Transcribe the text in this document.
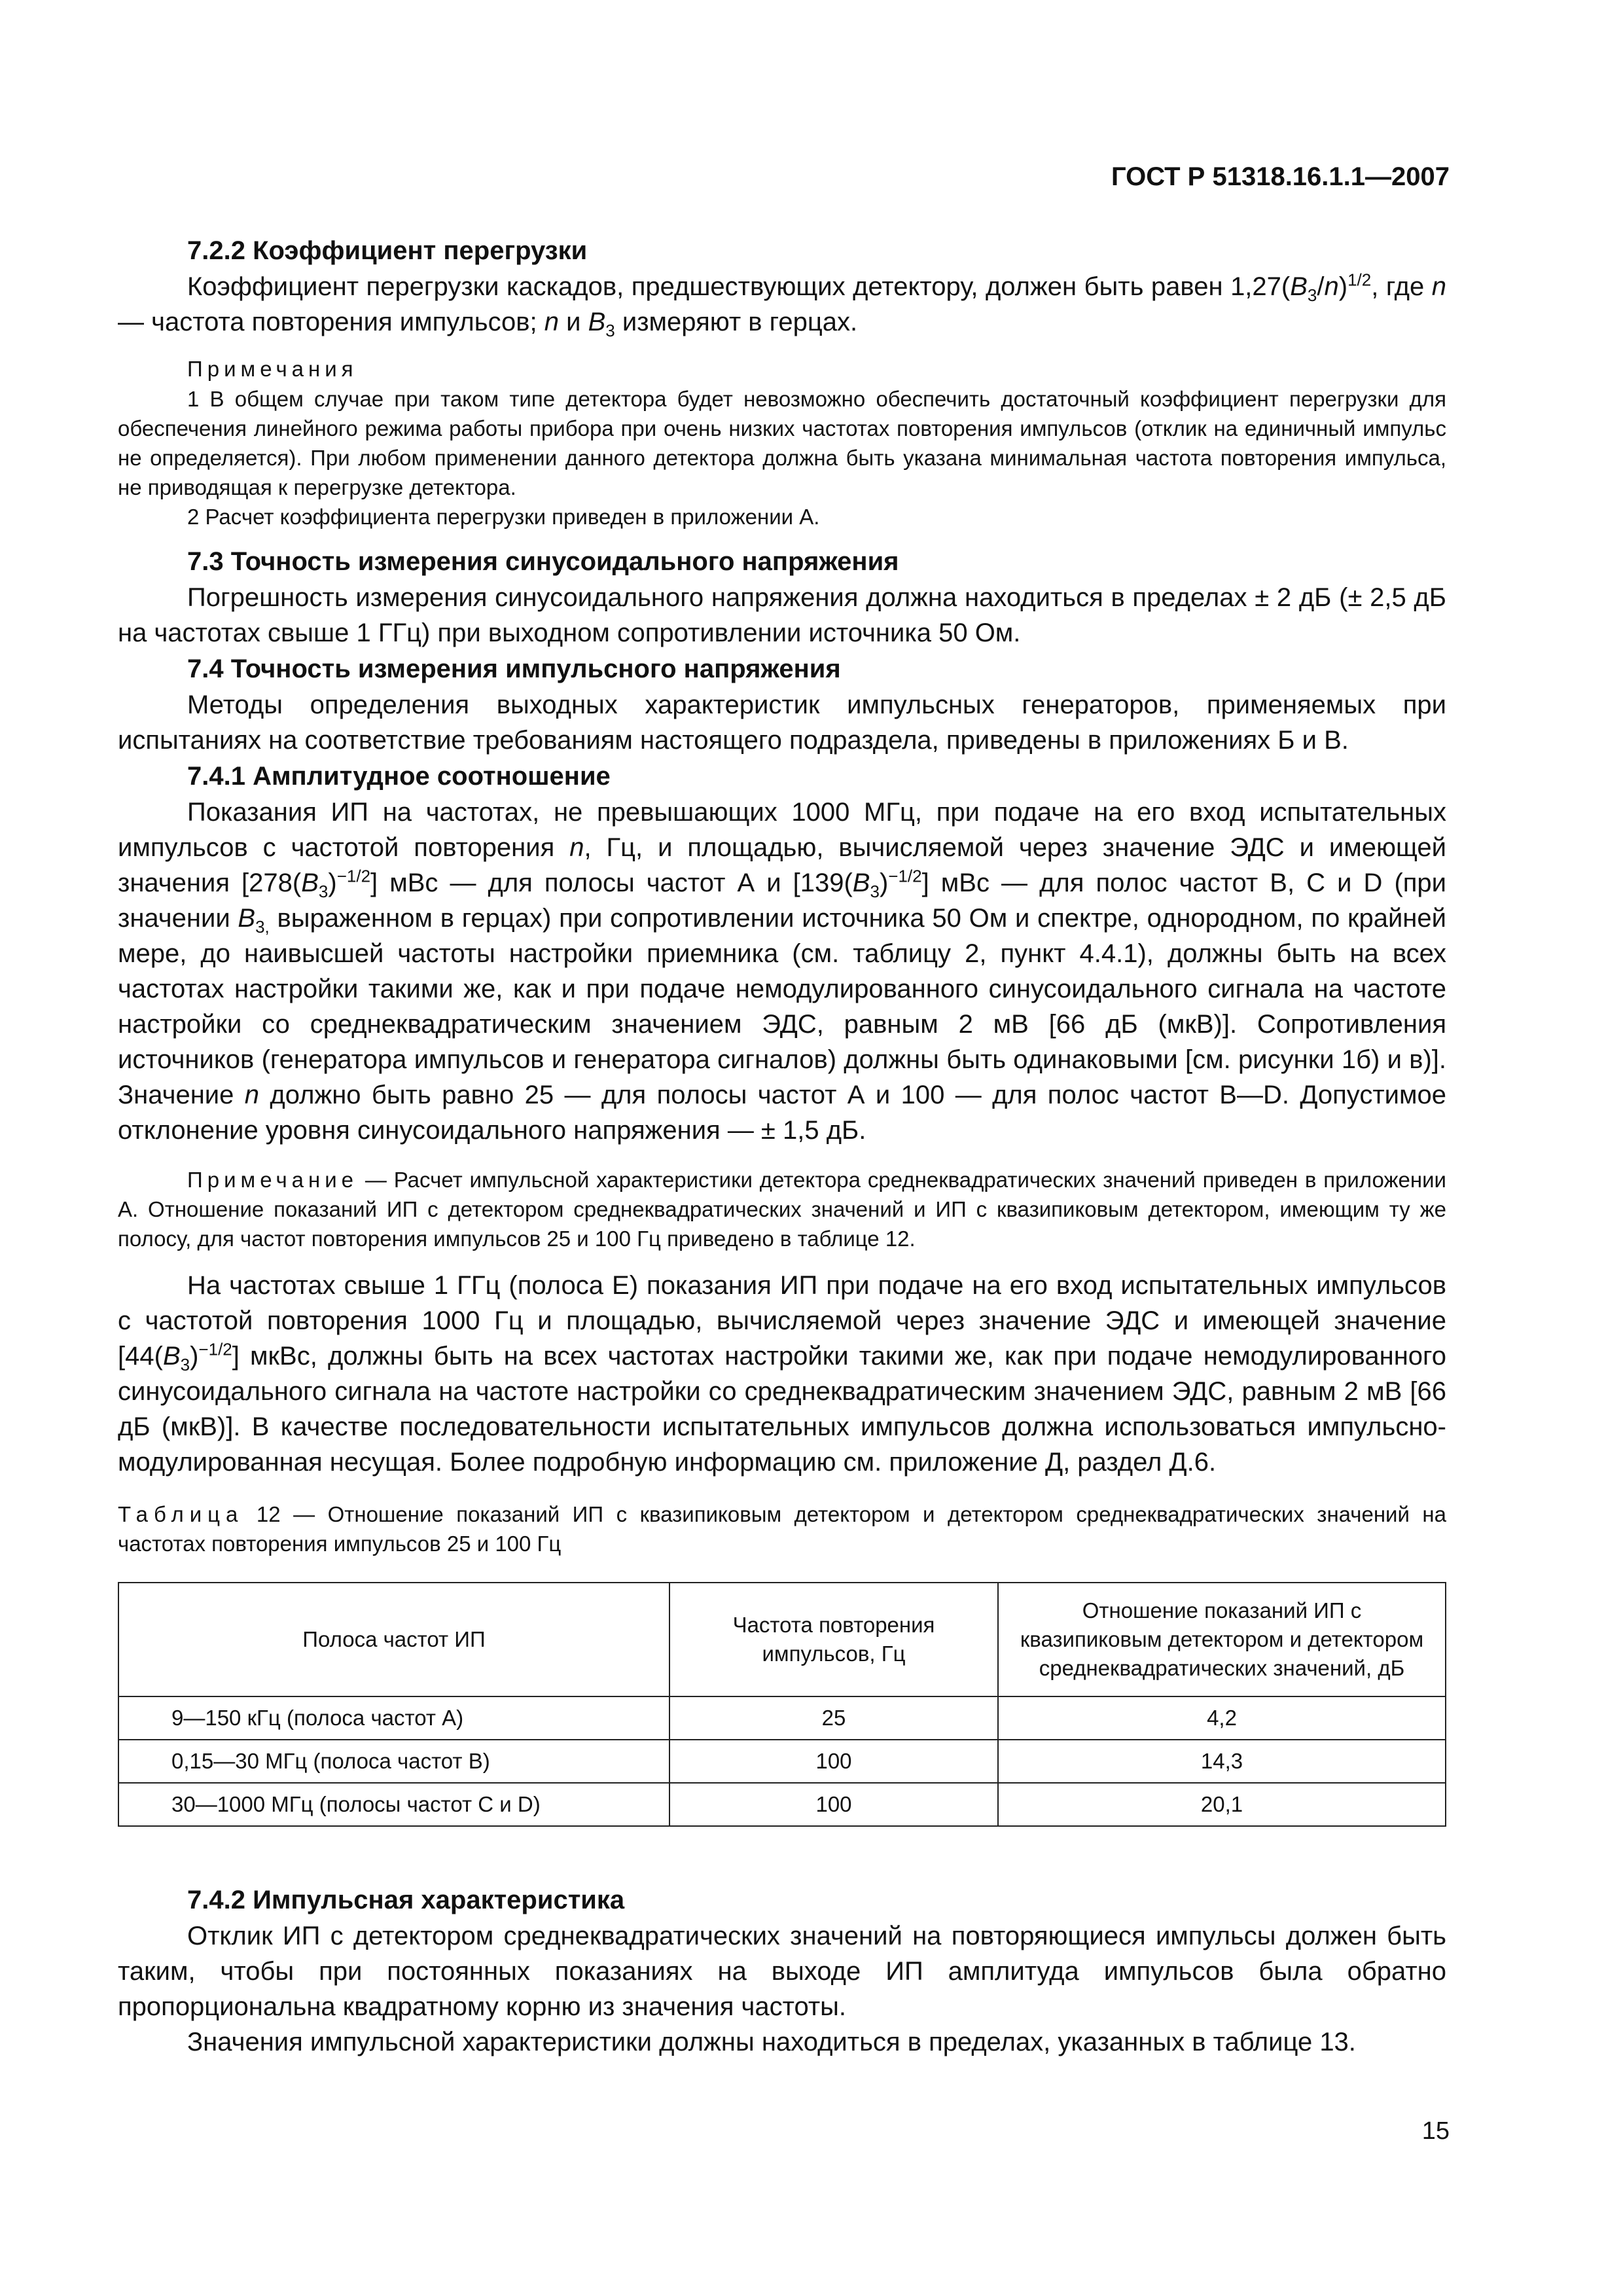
ГОСТ Р 51318.16.1.1—2007
7.2.2 Коэффициент перегрузки

Коэффициент перегрузки каскадов, предшествующих детектору, должен быть равен $1,27(B_3/n)^{1/2}$, где n — частота повторения импульсов; n и $B_3$ измеряют в герцах.

Примечания

1 В общем случае при таком типе детектора будет невозможно обеспечить достаточный коэффициент перегрузки для обеспечения линейного режима работы прибора при очень низких частотах повторения импульсов (отклик на единичный импульс не определяется). При любом применении данного детектора должна быть указана минимальная частота повторения импульса, не приводящая к перегрузке детектора.

2 Расчет коэффициента перегрузки приведен в приложении А.

7.3 Точность измерения синусоидального напряжения

Погрешность измерения синусоидального напряжения должна находиться в пределах ± 2 дБ (± 2,5 дБ на частотах свыше 1 ГГц) при выходном сопротивлении источника 50 Ом.

7.4 Точность измерения импульсного напряжения

Методы определения выходных характеристик импульсных генераторов, применяемых при испытаниях на соответствие требованиям настоящего подраздела, приведены в приложениях Б и В.

7.4.1 Амплитудное соотношение

Показания ИП на частотах, не превышающих 1000 МГц, при подаче на его вход испытательных импульсов с частотой повторения n, Гц, и площадью, вычисляемой через значение ЭДС и имеющей значения $[278(B_3)^{-1/2}]$ мВс — для полосы частот А и $[139(B_3)^{-1/2}]$ мВс — для полос частот В, С и D (при значении $B_{3,}$ выраженном в герцах) при сопротивлении источника 50 Ом и спектре, однородном, по крайней мере, до наивысшей частоты настройки приемника (см. таблицу 2, пункт 4.4.1), должны быть на всех частотах настройки такими же, как и при подаче немодулированного синусоидального сигнала на частоте настройки со среднеквадратическим значением ЭДС, равным 2 мВ [66 дБ (мкВ)]. Сопротивления источников (генератора импульсов и генератора сигналов) должны быть одинаковыми [см. рисунки 1б) и в)]. Значение n должно быть равно 25 — для полосы частот А и 100 — для полос частот В—D. Допустимое отклонение уровня синусоидального напряжения — ± 1,5 дБ.

Примечание — Расчет импульсной характеристики детектора среднеквадратических значений приведен в приложении А. Отношение показаний ИП с детектором среднеквадратических значений и ИП с квазипиковым детектором, имеющим ту же полосу, для частот повторения импульсов 25 и 100 Гц приведено в таблице 12.

На частотах свыше 1 ГГц (полоса Е) показания ИП при подаче на его вход испытательных импульсов с частотой повторения 1000 Гц и площадью, вычисляемой через значение ЭДС и имеющей значение $[44(B_3)^{-1/2}]$ мкВс, должны быть на всех частотах настройки такими же, как при подаче немодулированного синусоидального сигнала на частоте настройки со среднеквадратическим значением ЭДС, равным 2 мВ [66 дБ (мкВ)]. В качестве последовательности испытательных импульсов должна использоваться импульсно-модулированная несущая. Более подробную информацию см. приложение Д, раздел Д.6.

Таблица 12 — Отношение показаний ИП с квазипиковым детектором и детектором среднеквадратических значений на частотах повторения импульсов 25 и 100 Гц

Полоса частот ИП	Частота повторения импульсов, Гц	Отношение показаний ИП с квазипиковым детектором и детектором среднеквадратических значений, дБ
9—150 кГц (полоса частот А)	25	4,2
0,15—30 МГц (полоса частот В)	100	14,3
30—1000 МГц (полосы частот С и D)	100	20,1
7.4.2 Импульсная характеристика

Отклик ИП с детектором среднеквадратических значений на повторяющиеся импульсы должен быть таким, чтобы при постоянных показаниях на выходе ИП амплитуда импульсов была обратно пропорциональна квадратному корню из значения частоты.

Значения импульсной характеристики должны находиться в пределах, указанных в таблице 13.

15
